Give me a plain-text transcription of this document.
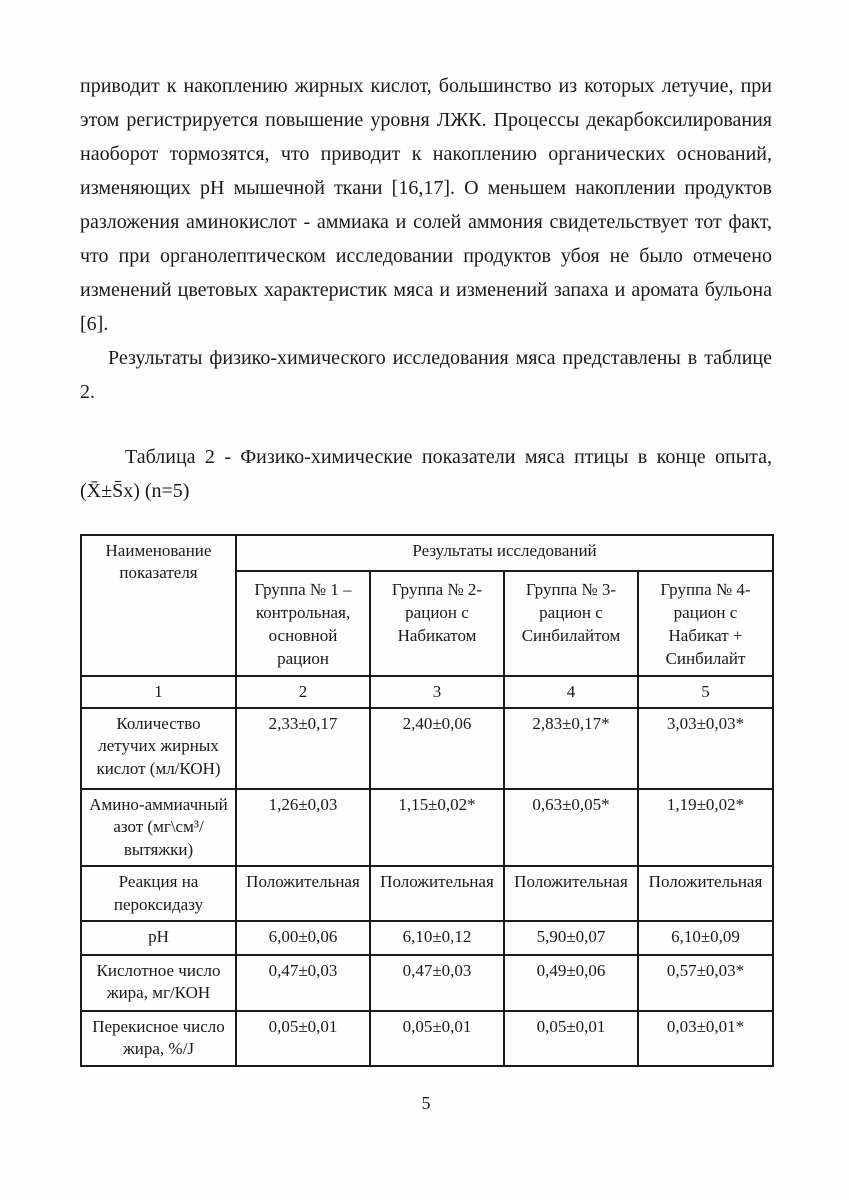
приводит к накоплению жирных кислот, большинство из которых летучие, при этом регистрируется повышение уровня ЛЖК. Процессы декарбоксилирования наоборот тормозятся, что приводит к накоплению органических оснований, изменяющих pH мышечной ткани [16,17]. О меньшем накоплении продуктов разложения аминокислот - аммиака и солей аммония свидетельствует тот факт, что при органолептическом исследовании продуктов убоя не было отмечено изменений цветовых характеристик мяса и изменений запаха и аромата бульона [6].

Результаты физико-химического исследования мяса представлены в таблице 2.

Таблица 2 - Физико-химические показатели мяса птицы в конце опыта,
(X̄±S̄x) (n=5)
Наименование показателя	Результаты исследований			
	Группа № 1 – контрольная, основной рацион	Группа № 2- рацион с Набикатом	Группа № 3- рацион с Синбилайтом	Группа № 4- рацион с Набикат + Синбилайт
1	2	3	4	5
Количество летучих жирных кислот (мл/КОН)	2,33±0,17	2,40±0,06	2,83±0,17*	3,03±0,03*
Амино-аммиачный азот (мг\см³/ вытяжки)	1,26±0,03	1,15±0,02*	0,63±0,05*	1,19±0,02*
Реакция на пероксидазу	Положительная	Положительная	Положительная	Положительная
pH	6,00±0,06	6,10±0,12	5,90±0,07	6,10±0,09
Кислотное число жира, мг/КОН	0,47±0,03	0,47±0,03	0,49±0,06	0,57±0,03*
Перекисное число жира, %/J	0,05±0,01	0,05±0,01	0,05±0,01	0,03±0,01*
5
